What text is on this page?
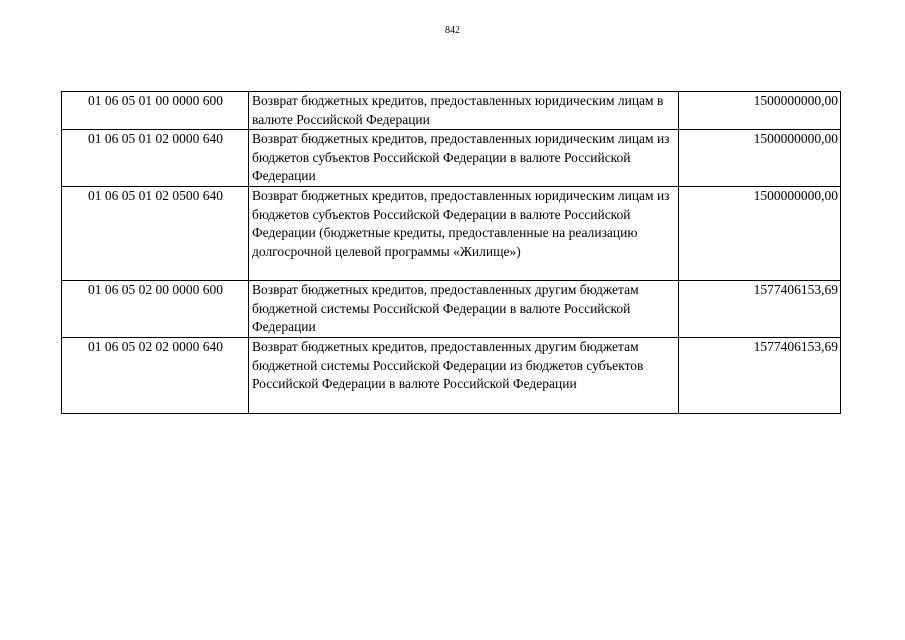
842
01 06 05 01 00 0000 600	Возврат бюджетных кредитов, предоставленных юридическим лицам в валюте Российской Федерации	1500000000,00
01 06 05 01 02 0000 640	Возврат бюджетных кредитов, предоставленных юридическим лицам из бюджетов субъектов Российской Федерации в валюте Российской Федерации	1500000000,00
01 06 05 01 02 0500 640	Возврат бюджетных кредитов, предоставленных юридическим лицам из бюджетов субъектов Российской Федерации в валюте Российской Федерации (бюджетные кредиты, предоставленные на реализацию долгосрочной целевой программы «Жилище»)	1500000000,00
01 06 05 02 00 0000 600	Возврат бюджетных кредитов, предоставленных другим бюджетам бюджетной системы Российской Федерации в валюте Российской Федерации	1577406153,69
01 06 05 02 02 0000 640	Возврат бюджетных кредитов, предоставленных другим бюджетам бюджетной системы Российской Федерации из бюджетов субъектов Российской Федерации в валюте Российской Федерации	1577406153,69
